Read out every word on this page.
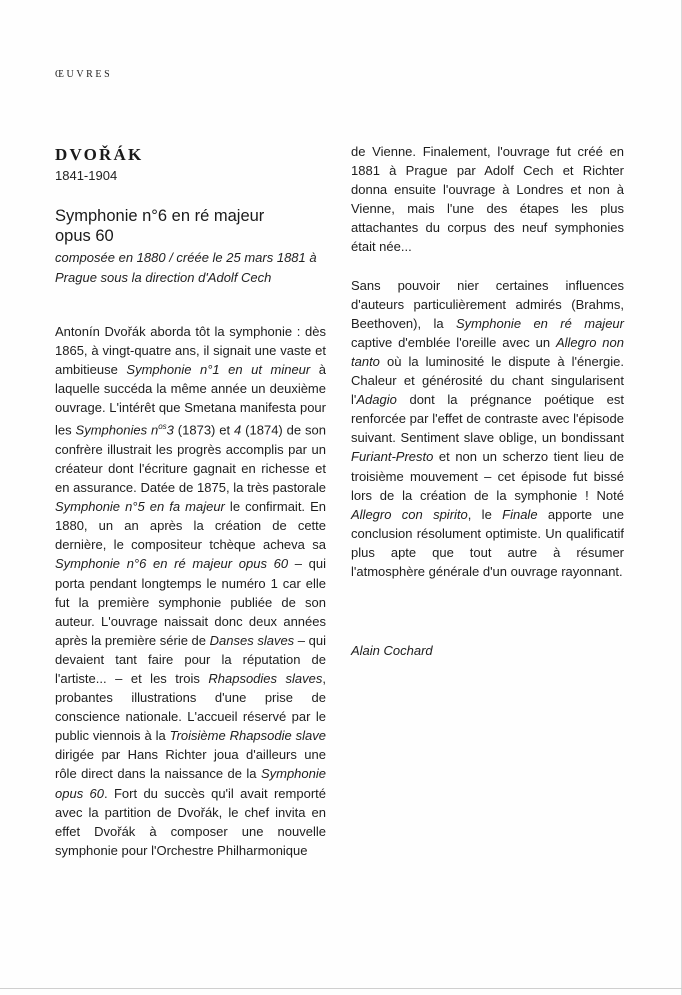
ŒUVRES
DVOŘÁK
1841-1904
Symphonie n°6 en ré majeur
opus 60
composée en 1880 / créée le 25 mars 1881 à Prague sous la direction d'Adolf Cech

Antonín Dvořák aborda tôt la symphonie : dès 1865, à vingt-quatre ans, il signait une vaste et ambitieuse Symphonie n°1 en ut mineur à laquelle succéda la même année un deuxième ouvrage. L'intérêt que Smetana manifesta pour les Symphonies $n^{os}3$ (1873) et 4 (1874) de son confrère illustrait les progrès accomplis par un créateur dont l'écriture gagnait en richesse et en assurance. Datée de 1875, la très pastorale Symphonie n°5 en fa majeur le confirmait. En 1880, un an après la création de cette dernière, le compositeur tchèque acheva sa Symphonie n°6 en ré majeur opus 60 – qui porta pendant longtemps le numéro 1 car elle fut la première symphonie publiée de son auteur. L'ouvrage naissait donc deux années après la première série de Danses slaves – qui devaient tant faire pour la réputation de l'artiste... – et les trois Rhapsodies slaves, probantes illustrations d'une prise de conscience nationale. L'accueil réservé par le public viennois à la Troisième Rhapsodie slave dirigée par Hans Richter joua d'ailleurs une rôle direct dans la naissance de la Symphonie opus 60. Fort du succès qu'il avait remporté avec la partition de Dvořák, le chef invita en effet Dvořák à composer une nouvelle symphonie pour l'Orchestre Philharmonique

de Vienne. Finalement, l'ouvrage fut créé en 1881 à Prague par Adolf Cech et Richter donna ensuite l'ouvrage à Londres et non à Vienne, mais l'une des étapes les plus attachantes du corpus des neuf symphonies était née...

Sans pouvoir nier certaines influences d'auteurs particulièrement admirés (Brahms, Beethoven), la Symphonie en ré majeur captive d'emblée l'oreille avec un Allegro non tanto où la luminosité le dispute à l'énergie. Chaleur et générosité du chant singularisent l'Adagio dont la prégnance poétique est renforcée par l'effet de contraste avec l'épisode suivant. Sentiment slave oblige, un bondissant Furiant-Presto et non un scherzo tient lieu de troisième mouvement – cet épisode fut bissé lors de la création de la symphonie ! Noté Allegro con spirito, le Finale apporte une conclusion résolument optimiste. Un qualificatif plus apte que tout autre à résumer l'atmosphère générale d'un ouvrage rayonnant.

Alain Cochard
